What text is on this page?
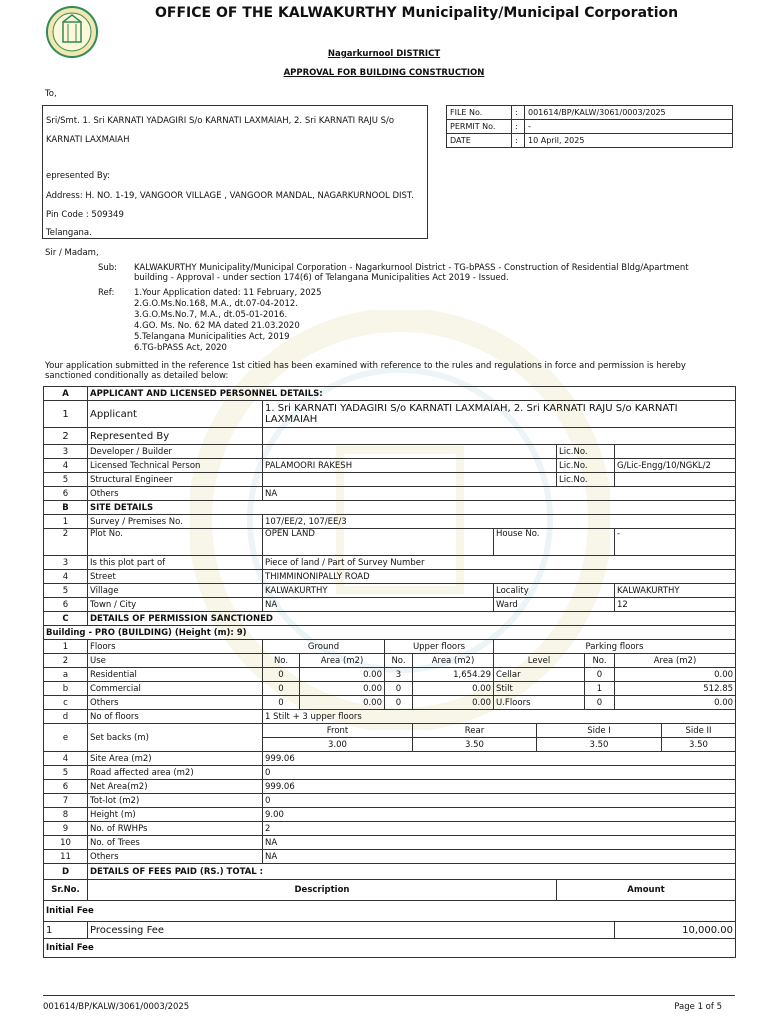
OFFICE OF THE KALWAKURTHY Municipality/Municipal Corporation
Nagarkurnool DISTRICT
APPROVAL FOR BUILDING CONSTRUCTION
To,
Sri/Smt. 1. Sri KARNATI YADAGIRI S/o KARNATI LAXMAIAH, 2. Sri KARNATI RAJU S/o
KARNATI LAXMAIAH
epresented By:
Address: H. NO. 1-19, VANGOOR VILLAGE , VANGOOR MANDAL, NAGARKURNOOL DIST.
Pin Code : 509349
Telangana.
FILE No.	:	001614/BP/KALW/3061/0003/2025
PERMIT No.	:	-
DATE	:	10 April, 2025
Sir / Madam,
Sub: KALWAKURTHY Municipality/Municipal Corporation - Nagarkurnool District - TG-bPASS - Construction of Residential Bldg/Apartment
building - Approval - under section 174(6) of Telangana Municipalities Act 2019 - Issued.
Ref: 1.Your Application dated: 11 February, 2025
2.G.O.Ms.No.168, M.A., dt.07-04-2012.
3.G.O.Ms.No.7, M.A., dt.05-01-2016.
4.GO. Ms. No. 62 MA dated 21.03.2020
5.Telangana Municipalities Act, 2019
6.TG-bPASS Act, 2020
Your application submitted in the reference 1st citied has been examined with reference to the rules and regulations in force and permission is hereby
sanctioned conditionally as detailed below:
A	APPLICANT AND LICENSED PERSONNEL DETAILS:										
1	Applicant	1. Sri KARNATI YADAGIRI S/o KARNATI LAXMAIAH, 2. Sri KARNATI RAJU S/o KARNATI
LAXMAIAH									
2	Represented By										
3	Developer / Builder							Lic.No.			
4	Licensed Technical Person	PALAMOORI RAKESH						Lic.No.		G/Lic-Engg/10/NGKL/2	
5	Structural Engineer							Lic.No.			
6	Others	NA									
B	SITE DETAILS										
1	Survey / Premises No.	107/EE/2, 107/EE/3									
2	Plot No.	OPEN LAND				House No.				-	
3	Is this plot part of	Piece of land / Part of Survey Number									
4	Street	THIMMINONIPALLY ROAD									
5	Village	KALWAKURTHY				Locality				KALWAKURTHY	
6	Town / City	NA				Ward				12	
C	DETAILS OF PERMISSION SANCTIONED										
Building - PRO (BUILDING) (Height (m): 9)											
1	Floors	Ground		Upper floors		Parking floors					
2	Use	No.	Area (m2)	No.	Area (m2)	Level			No.	Area (m2)	
a	Residential	0	0.00	3	1,654.29	Cellar			0	0.00	
b	Commercial	0	0.00	0	0.00	Stilt			1	512.85	
c	Others	0	0.00	0	0.00	U.Floors			0	0.00	
d	No of floors	1 Stilt + 3 upper floors									
e	Set backs (m)	Front			Rear		Side I				Side II
		3.00			3.50		3.50				3.50
4	Site Area (m2)	999.06									
5	Road affected area (m2)	0									
6	Net Area(m2)	999.06									
7	Tot-lot (m2)	0									
8	Height (m)	9.00									
9	No. of RWHPs	2									
10	No. of Trees	NA									
11	Others	NA									
D	DETAILS OF FEES PAID (RS.) TOTAL :										
Sr.No.	Description							Amount			
Initial Fee											
1	Processing Fee									10,000.00	
Initial Fee											
001614/BP/KALW/3061/0003/2025	Page 1 of 5
